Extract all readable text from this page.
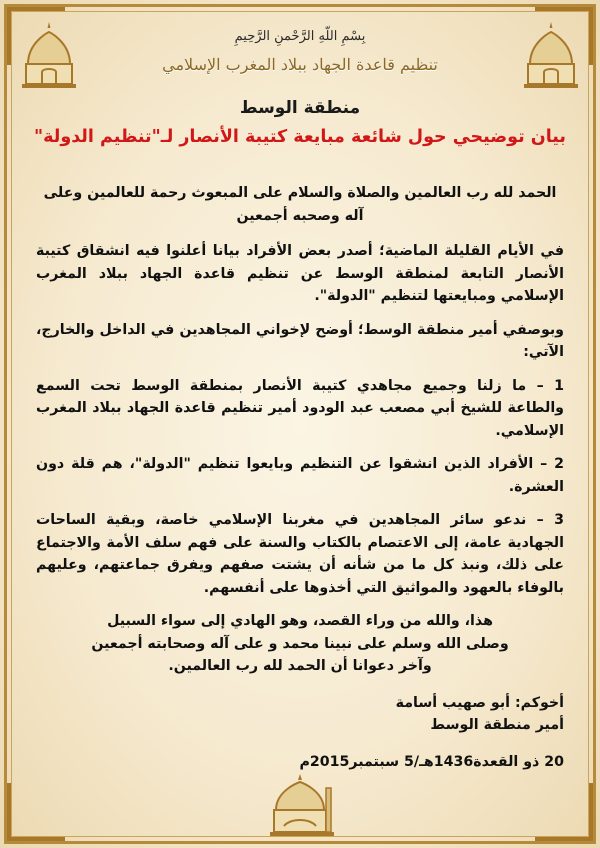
بِسْمِ اللّهِ الرَّحْمنِ الرَّحِيمِ
تنظيم قاعدة الجهاد ببلاد المغرب الإسلامي
منطقة الوسط
بيان توضيحي حول شائعة مبايعة كتيبة الأنصار لـ"تنظيم الدولة"

الحمد لله رب العالمين والصلاة والسلام على المبعوث رحمة للعالمين وعلى آله وصحبه أجمعين

في الأيام القليلة الماضية؛ أصدر بعض الأفراد بيانا أعلنوا فيه انشقاق كتيبة الأنصار التابعة لمنطقة الوسط عن تنظيم قاعدة الجهاد ببلاد المغرب الإسلامي ومبايعتها لتنظيم "الدولة".

وبوصفي أمير منطقة الوسط؛ أوضح لإخواني المجاهدين في الداخل والخارج، الآتي:

1 – ما زلنا وجميع مجاهدي كتيبة الأنصار بمنطقة الوسط تحت السمع والطاعة للشيخ أبي مصعب عبد الودود أمير تنظيم قاعدة الجهاد ببلاد المغرب الإسلامي.

2 – الأفراد الذين انشقوا عن التنظيم وبايعوا تنظيم "الدولة"، هم قلة دون العشرة.

3 – ندعو سائر المجاهدين في مغربنا الإسلامي خاصة، وبقية الساحات الجهادية عامة، إلى الاعتصام بالكتاب والسنة على فهم سلف الأمة والاجتماع على ذلك، ونبذ كل ما من شأنه أن يشتت صفهم ويفرق جماعتهم، وعليهم بالوفاء بالعهود والمواثيق التي أخذوها على أنفسهم.

هذا، والله من وراء القصد، وهو الهادي إلى سواء السبيل
وصلى الله وسلم على نبينا محمد و على آله وصحابته أجمعين
وآخر دعوانا أن الحمد لله رب العالمين.

أخوكم: أبو صهيب أسامة

أمير منطقة الوسط

20 ذو القعدة1436هـ/5 سبتمبر2015م
